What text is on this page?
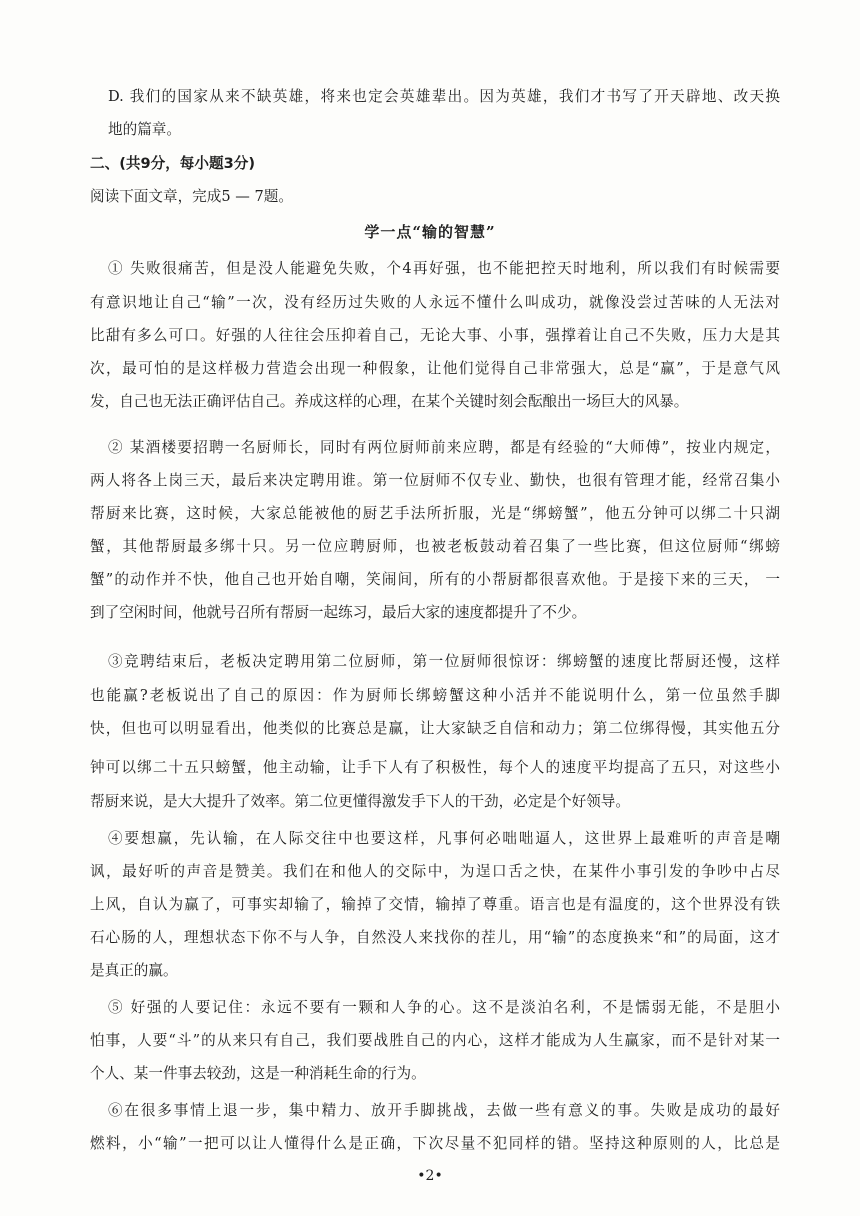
D. 我们的国家从来不缺英雄，将来也定会英雄辈出。因为英雄，我们才书写了开天辟地、改天换
地的篇章。
二、(共9分，每小题3分)
阅读下面文章，完成5 — 7题。
学一点“输的智慧”
① 失败很痛苦，但是没人能避免失败，个4再好强，也不能把控天时地利，所以我们有时候需要
有意识地让自己“输”一次，没有经历过失败的人永远不懂什么叫成功，就像没尝过苦味的人无法对
比甜有多么可口。好强的人往往会压抑着自己，无论大事、小事，强撑着让自己不失败，压力大是其
次，最可怕的是这样极力营造会出现一种假象，让他们觉得自己非常强大，总是“赢”，于是意气风
发，自己也无法正确评估自己。养成这样的心理，在某个关键时刻会酝酿出一场巨大的风暴。
② 某酒楼要招聘一名厨师长，同时有两位厨师前来应聘，都是有经验的“大师傅”，按业内规定，
两人将各上岗三天，最后来决定聘用谁。第一位厨师不仅专业、勤快，也很有管理才能，经常召集小
帮厨来比赛，这时候，大家总能被他的厨艺手法所折服，光是“绑螃蟹”，他五分钟可以绑二十只湖
蟹，其他帮厨最多绑十只。另一位应聘厨师，也被老板鼓动着召集了一些比赛，但这位厨师“绑螃
蟹”的动作并不快，他自己也开始自嘲，笑闹间，所有的小帮厨都很喜欢他。于是接下来的三天， 一
到了空闲时间，他就号召所有帮厨一起练习，最后大家的速度都提升了不少。
③竞聘结束后，老板决定聘用第二位厨师，第一位厨师很惊讶：绑螃蟹的速度比帮厨还慢，这样
也能赢?老板说出了自己的原因：作为厨师长绑螃蟹这种小活并不能说明什么，第一位虽然手脚
快，但也可以明显看出，他类似的比赛总是赢，让大家缺乏自信和动力；第二位绑得慢，其实他五分
钟可以绑二十五只螃蟹，他主动输，让手下人有了积极性，每个人的速度平均提高了五只，对这些小
帮厨来说，是大大提升了效率。第二位更懂得激发手下人的干劲，必定是个好领导。
④要想赢，先认输，在人际交往中也要这样，凡事何必咄咄逼人，这世界上最难听的声音是嘲
讽，最好听的声音是赞美。我们在和他人的交际中，为逞口舌之快，在某件小事引发的争吵中占尽
上风，自认为赢了，可事实却输了，输掉了交情，输掉了尊重。语言也是有温度的，这个世界没有铁
石心肠的人，理想状态下你不与人争，自然没人来找你的茬儿，用“输”的态度换来“和”的局面，这才
是真正的赢。
⑤ 好强的人要记住：永远不要有一颗和人争的心。这不是淡泊名利，不是懦弱无能，不是胆小
怕事，人要“斗”的从来只有自己，我们要战胜自己的内心，这样才能成为人生赢家，而不是针对某一
个人、某一件事去较劲，这是一种消耗生命的行为。
⑥在很多事情上退一步，集中精力、放开手脚挑战，去做一些有意义的事。失败是成功的最好
燃料，小“输”一把可以让人懂得什么是正确，下次尽量不犯同样的错。坚持这种原则的人，比总是
•2•
